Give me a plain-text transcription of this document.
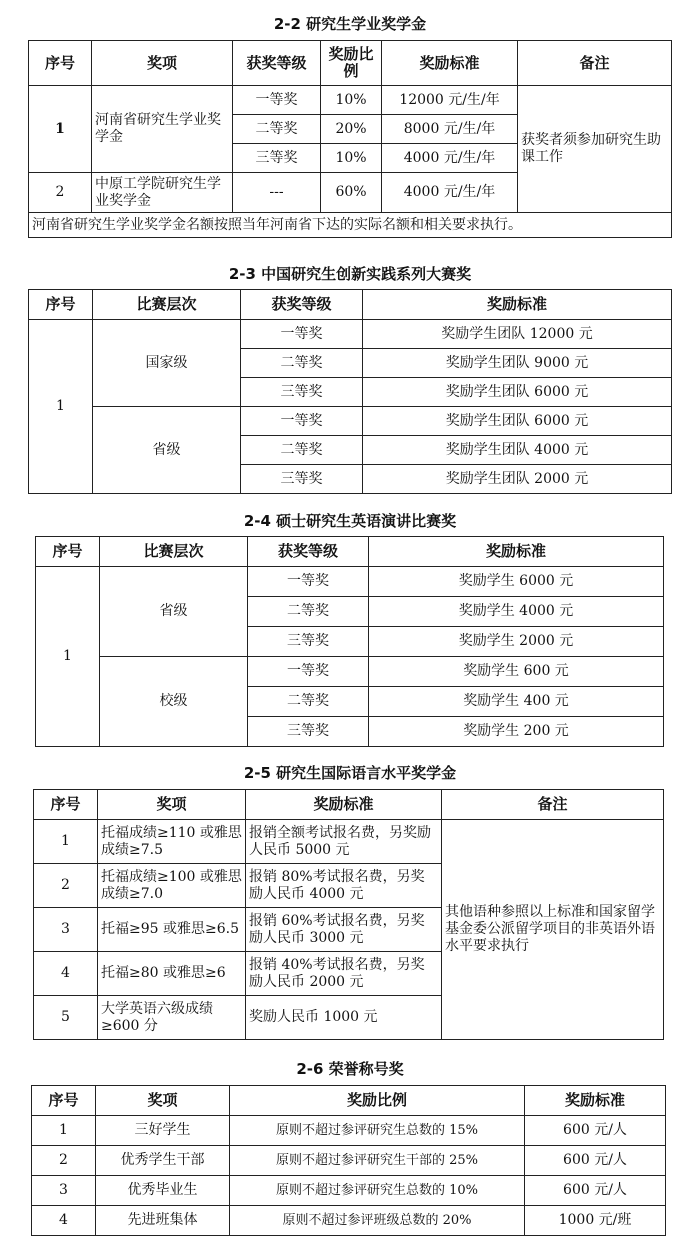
2-2 研究生学业奖学金
序号	奖项	获奖等级	奖励比例	奖励标准	备注
1	河南省研究生学业奖学金	一等奖	10%	12000 元/生/年	获奖者须参加研究生助课工作
		二等奖	20%	8000 元/生/年	
		三等奖	10%	4000 元/生/年	
2	中原工学院研究生学业奖学金	---	60%	4000 元/生/年	
河南省研究生学业奖学金名额按照当年河南省下达的实际名额和相关要求执行。					
2-3 中国研究生创新实践系列大赛奖
序号	比赛层次	获奖等级	奖励标准
1	国家级	一等奖	奖励学生团队 12000 元
		二等奖	奖励学生团队 9000 元
		三等奖	奖励学生团队 6000 元
	省级	一等奖	奖励学生团队 6000 元
		二等奖	奖励学生团队 4000 元
		三等奖	奖励学生团队 2000 元
2-4 硕士研究生英语演讲比赛奖
序号	比赛层次	获奖等级	奖励标准
1	省级	一等奖	奖励学生 6000 元
		二等奖	奖励学生 4000 元
		三等奖	奖励学生 2000 元
	校级	一等奖	奖励学生 600 元
		二等奖	奖励学生 400 元
		三等奖	奖励学生 200 元
2-5 研究生国际语言水平奖学金
序号	奖项	奖励标准	备注
1	托福成绩≥110 或雅思成绩≥7.5	报销全额考试报名费，另奖励人民币 5000 元	其他语种参照以上标准和国家留学基金委公派留学项目的非英语外语水平要求执行
2	托福成绩≥100 或雅思成绩≥7.0	报销 80%考试报名费，另奖励人民币 4000 元	
3	托福≥95 或雅思≥6.5	报销 60%考试报名费，另奖励人民币 3000 元	
4	托福≥80 或雅思≥6	报销 40%考试报名费，另奖励人民币 2000 元	
5	大学英语六级成绩≥600 分	奖励人民币 1000 元	
2-6 荣誉称号奖
序号	奖项	奖励比例	奖励标准
1	三好学生	原则不超过参评研究生总数的 15%	600 元/人
2	优秀学生干部	原则不超过参评研究生干部的 25%	600 元/人
3	优秀毕业生	原则不超过参评研究生总数的 10%	600 元/人
4	先进班集体	原则不超过参评班级总数的 20%	1000 元/班
